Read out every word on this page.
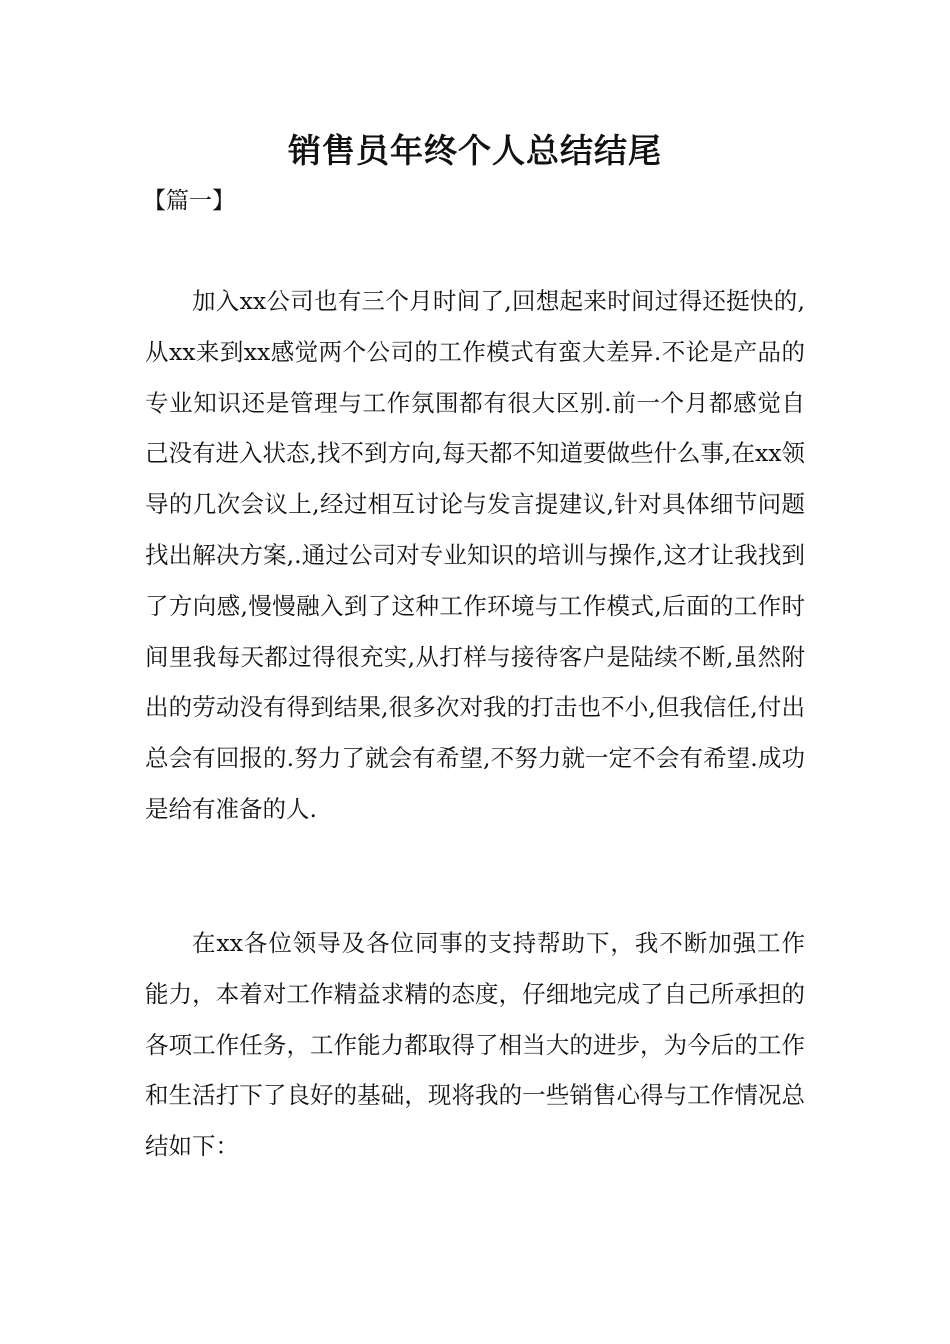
销售员年终个人总结结尾

【篇一】

加入xx公司也有三个月时间了,回想起来时间过得还挺快的,从xx来到xx感觉两个公司的工作模式有蛮大差异.不论是产品的专业知识还是管理与工作氛围都有很大区别.前一个月都感觉自己没有进入状态,找不到方向,每天都不知道要做些什么事,在xx领导的几次会议上,经过相互讨论与发言提建议,针对具体细节问题找出解决方案,.通过公司对专业知识的培训与操作,这才让我找到了方向感,慢慢融入到了这种工作环境与工作模式,后面的工作时间里我每天都过得很充实,从打样与接待客户是陆续不断,虽然附出的劳动没有得到结果,很多次对我的打击也不小,但我信任,付出总会有回报的.努力了就会有希望,不努力就一定不会有希望.成功是给有准备的人.

在xx各位领导及各位同事的支持帮助下，我不断加强工作能力，本着对工作精益求精的态度，仔细地完成了自己所承担的各项工作任务，工作能力都取得了相当大的进步，为今后的工作和生活打下了良好的基础，现将我的一些销售心得与工作情况总结如下：
